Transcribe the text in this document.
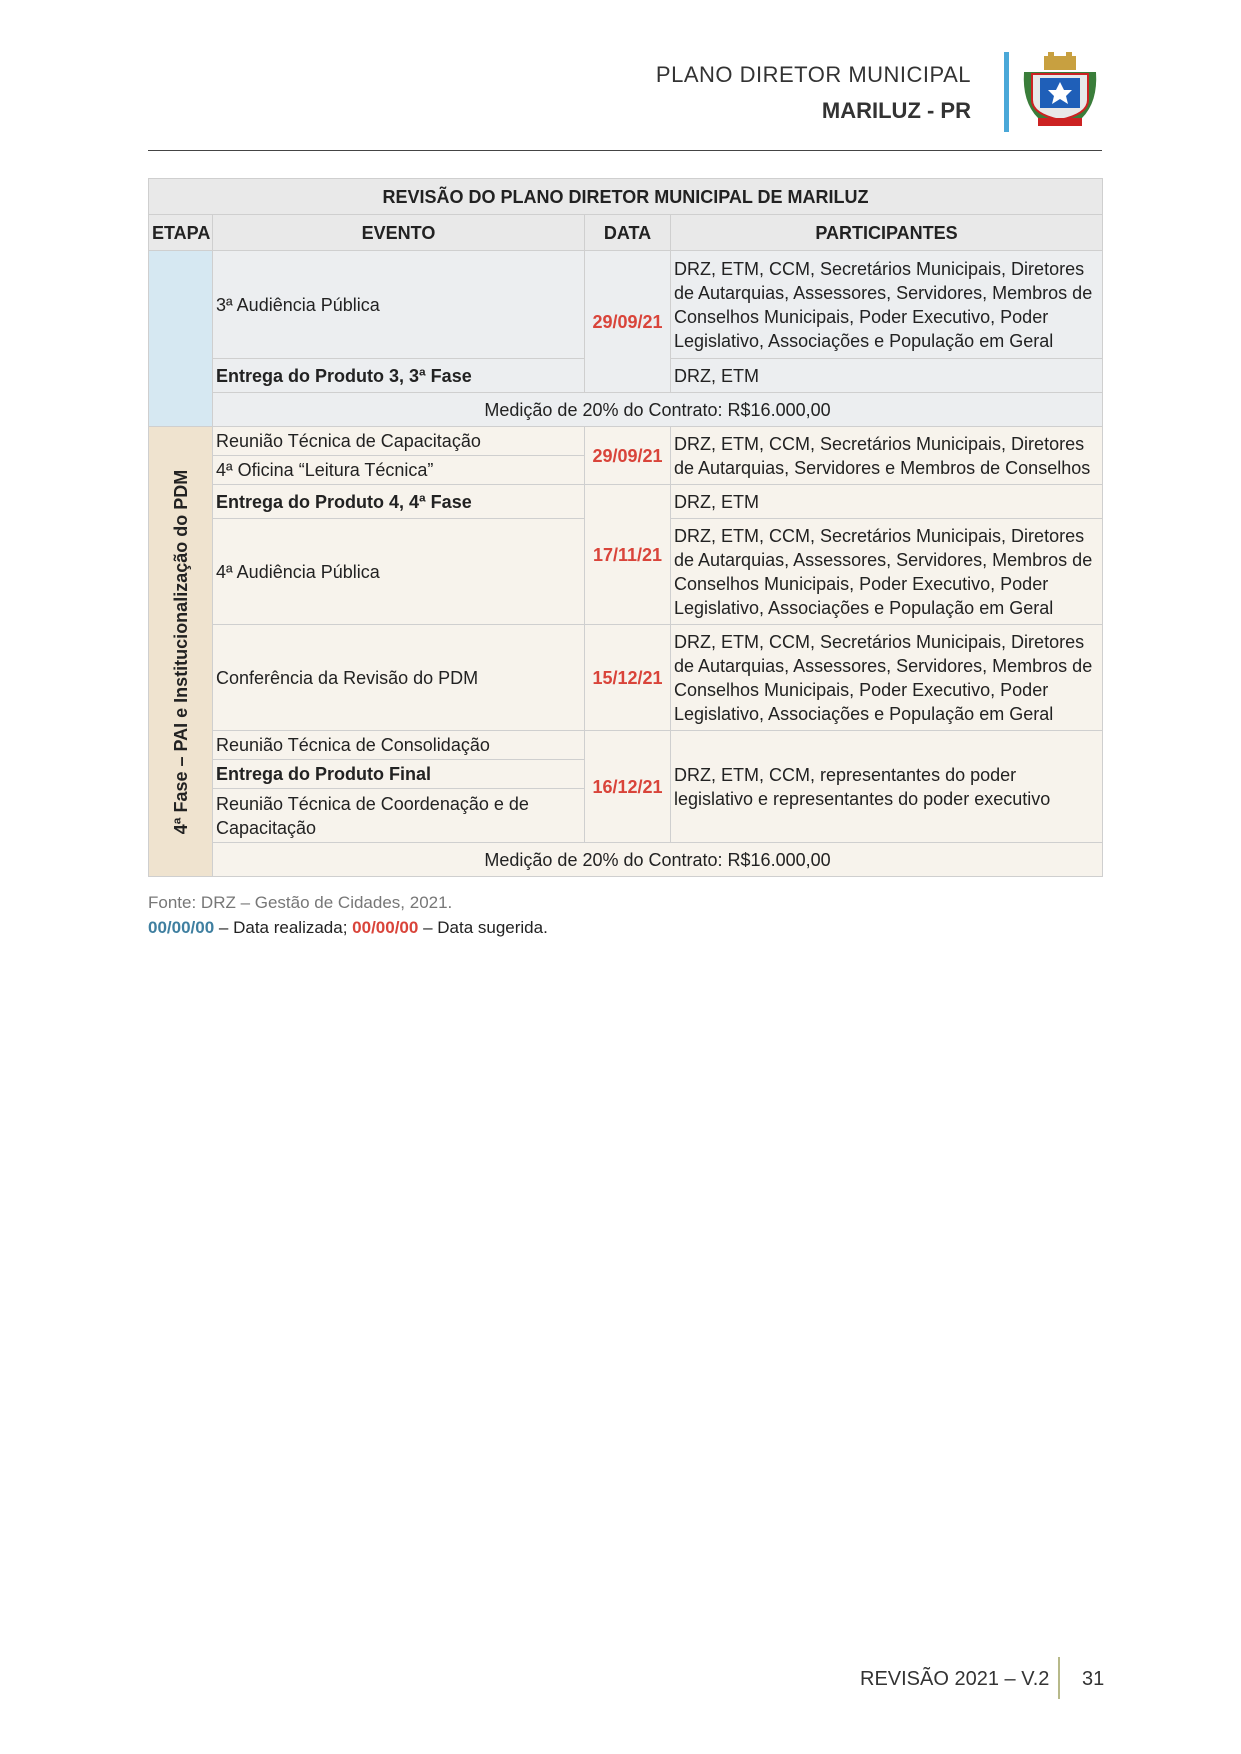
PLANO DIRETOR MUNICIPAL
MARILUZ - PR
REVISÃO DO PLANO DIRETOR MUNICIPAL DE MARILUZ			
ETAPA	EVENTO	DATA	PARTICIPANTES
	3ª Audiência Pública	29/09/21	DRZ, ETM, CCM, Secretários Municipais, Diretores de Autarquias, Assessores, Servidores, Membros de Conselhos Municipais, Poder Executivo, Poder Legislativo, Associações e População em Geral
	Entrega do Produto 3, 3ª Fase		DRZ, ETM
	Medição de 20% do Contrato: R$16.000,00		

4ª Fase – PAI e Institucionalização do PDM	Reunião Técnica de Capacitação	29/09/21	DRZ, ETM, CCM, Secretários Municipais, Diretores de Autarquias, Servidores e Membros de Conselhos
	4ª Oficina “Leitura Técnica”		
	Entrega do Produto 4, 4ª Fase	17/11/21	DRZ, ETM
	4ª Audiência Pública		DRZ, ETM, CCM, Secretários Municipais, Diretores de Autarquias, Assessores, Servidores, Membros de Conselhos Municipais, Poder Executivo, Poder Legislativo, Associações e População em Geral
	Conferência da Revisão do PDM	15/12/21	DRZ, ETM, CCM, Secretários Municipais, Diretores de Autarquias, Assessores, Servidores, Membros de Conselhos Municipais, Poder Executivo, Poder Legislativo, Associações e População em Geral
	Reunião Técnica de Consolidação	16/12/21	DRZ, ETM, CCM, representantes do poder legislativo e representantes do poder executivo
	Entrega do Produto Final		
	Reunião Técnica de Coordenação e de Capacitação		
	Medição de 20% do Contrato: R$16.000,00		
Fonte: DRZ – Gestão de Cidades, 2021.
00/00/00 – Data realizada; 00/00/00 – Data sugerida.
REVISÃO 2021 – V.2 31
